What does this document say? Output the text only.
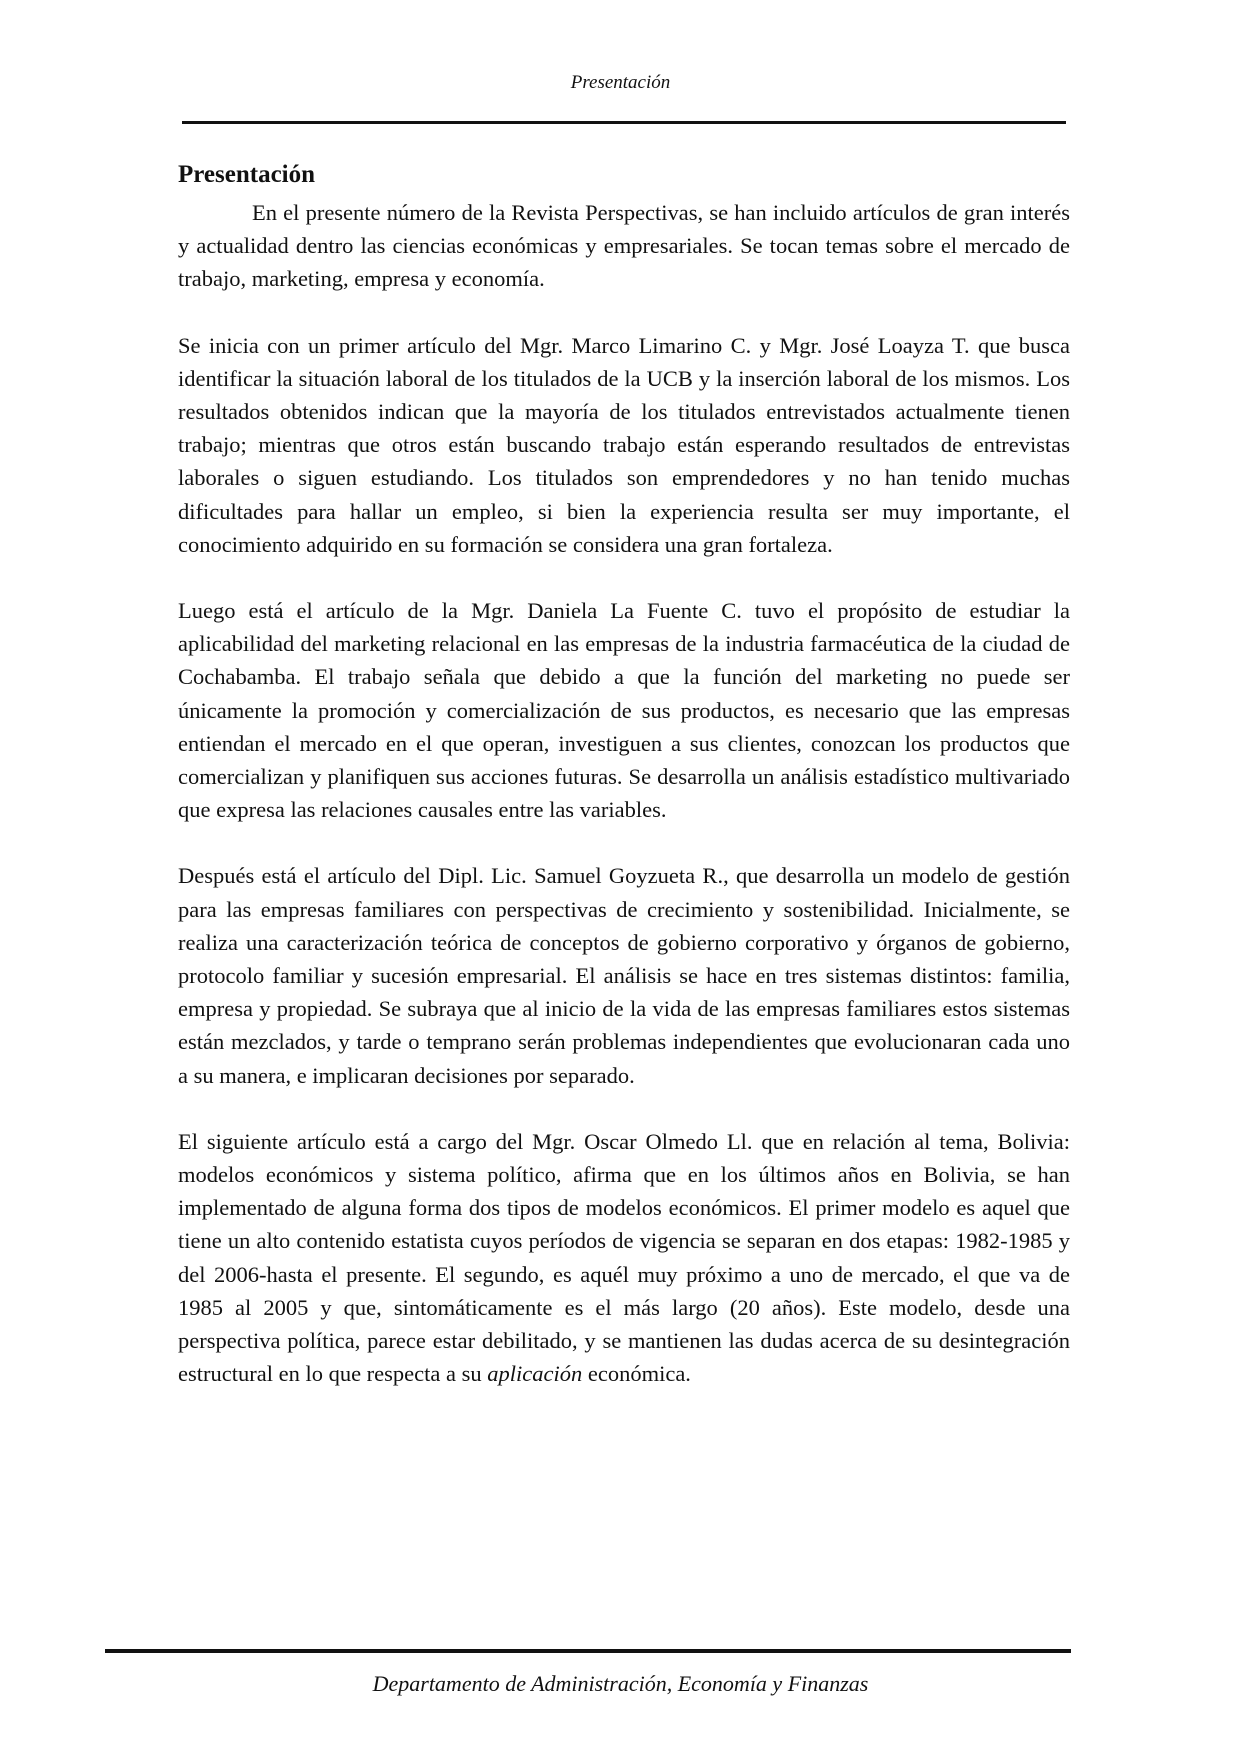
Presentación
Presentación

En el presente número de la Revista Perspectivas, se han incluido artículos de gran interés y actualidad dentro las ciencias económicas y empresariales. Se tocan temas sobre el mercado de trabajo, marketing, empresa y economía.

Se inicia con un primer artículo del Mgr. Marco Limarino C. y Mgr. José Loayza T. que busca identificar la situación laboral de los titulados de la UCB y la inserción laboral de los mismos. Los resultados obtenidos indican que la mayoría de los titulados entrevistados actualmente tienen trabajo; mientras que otros están buscando trabajo están esperando resultados de entrevistas laborales o siguen estudiando. Los titulados son emprendedores y no han tenido muchas dificultades para hallar un empleo, si bien la experiencia resulta ser muy importante, el conocimiento adquirido en su formación se considera una gran fortaleza.

Luego está el artículo de la Mgr. Daniela La Fuente C. tuvo el propósito de estudiar la aplicabilidad del marketing relacional en las empresas de la industria farmacéutica de la ciudad de Cochabamba. El trabajo señala que debido a que la función del marketing no puede ser únicamente la promoción y comercialización de sus productos, es necesario que las empresas entiendan el mercado en el que operan, investiguen a sus clientes, conozcan los productos que comercializan y planifiquen sus acciones futuras. Se desarrolla un análisis estadístico multivariado que expresa las relaciones causales entre las variables.

Después está el artículo del Dipl. Lic. Samuel Goyzueta R., que desarrolla un modelo de gestión para las empresas familiares con perspectivas de crecimiento y sostenibilidad. Inicialmente, se realiza una caracterización teórica de conceptos de gobierno corporativo y órganos de gobierno, protocolo familiar y sucesión empresarial. El análisis se hace en tres sistemas distintos: familia, empresa y propiedad. Se subraya que al inicio de la vida de las empresas familiares estos sistemas están mezclados, y tarde o temprano serán problemas independientes que evolucionaran cada uno a su manera, e implicaran decisiones por separado.

El siguiente artículo está a cargo del Mgr. Oscar Olmedo Ll. que en relación al tema, Bolivia: modelos económicos y sistema político, afirma que en los últimos años en Bolivia, se han implementado de alguna forma dos tipos de modelos económicos. El primer modelo es aquel que tiene un alto contenido estatista cuyos períodos de vigencia se separan en dos etapas: 1982-1985 y del 2006-hasta el presente. El segundo, es aquél muy próximo a uno de mercado, el que va de 1985 al 2005 y que, sintomáticamente es el más largo (20 años). Este modelo, desde una perspectiva política, parece estar debilitado, y se mantienen las dudas acerca de su desintegración estructural en lo que respecta a su aplicación económica.

Departamento de Administración, Economía y Finanzas
